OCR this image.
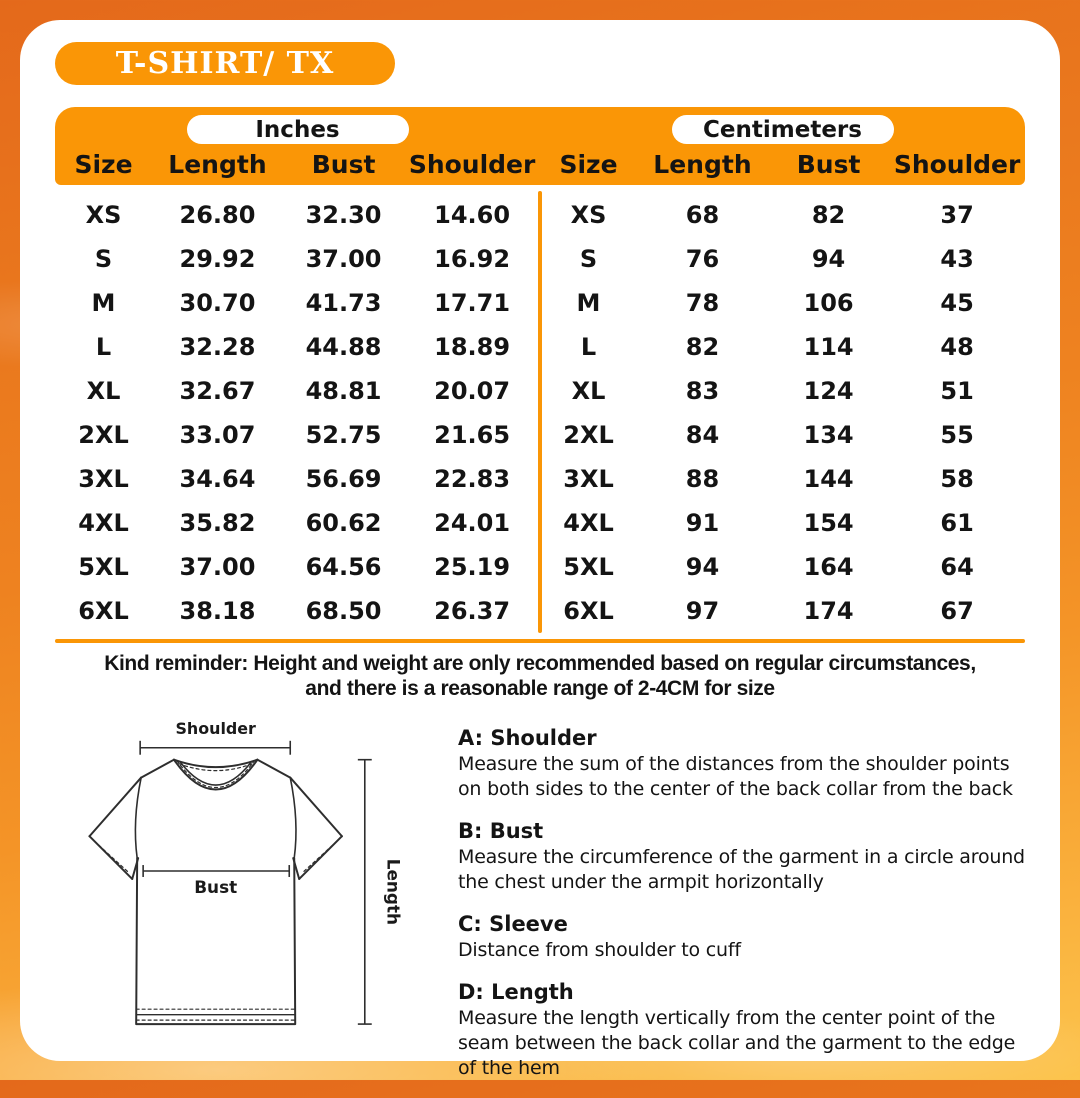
T-SHIRT/ TX
Inches
Size	Length	Bust	Shoulder
Centimeters
Size	Length	Bust	Shoulder
XS	26.80	32.30	14.60
S	29.92	37.00	16.92
M	30.70	41.73	17.71
L	32.28	44.88	18.89
XL	32.67	48.81	20.07
2XL	33.07	52.75	21.65
3XL	34.64	56.69	22.83
4XL	35.82	60.62	24.01
5XL	37.00	64.56	25.19
6XL	38.18	68.50	26.37
XS	68	82	37
S	76	94	43
M	78	106	45
L	82	114	48
XL	83	124	51
2XL	84	134	55
3XL	88	144	58
4XL	91	154	61
5XL	94	164	64
6XL	97	174	67
Kind reminder: Height and weight are only recommended based on regular circumstances,
and there is a reasonable range of 2-4CM for size
Shoulder
Bust	Length
A: Shoulder
Measure the sum of the distances from the shoulder points on both sides to the center of the back collar from the back
B: Bust
Measure the circumference of the garment in a circle around the chest under the armpit horizontally
C: Sleeve
Distance from shoulder to cuff
D: Length
Measure the length vertically from the center point of the seam between the back collar and the garment to the edge of the hem
